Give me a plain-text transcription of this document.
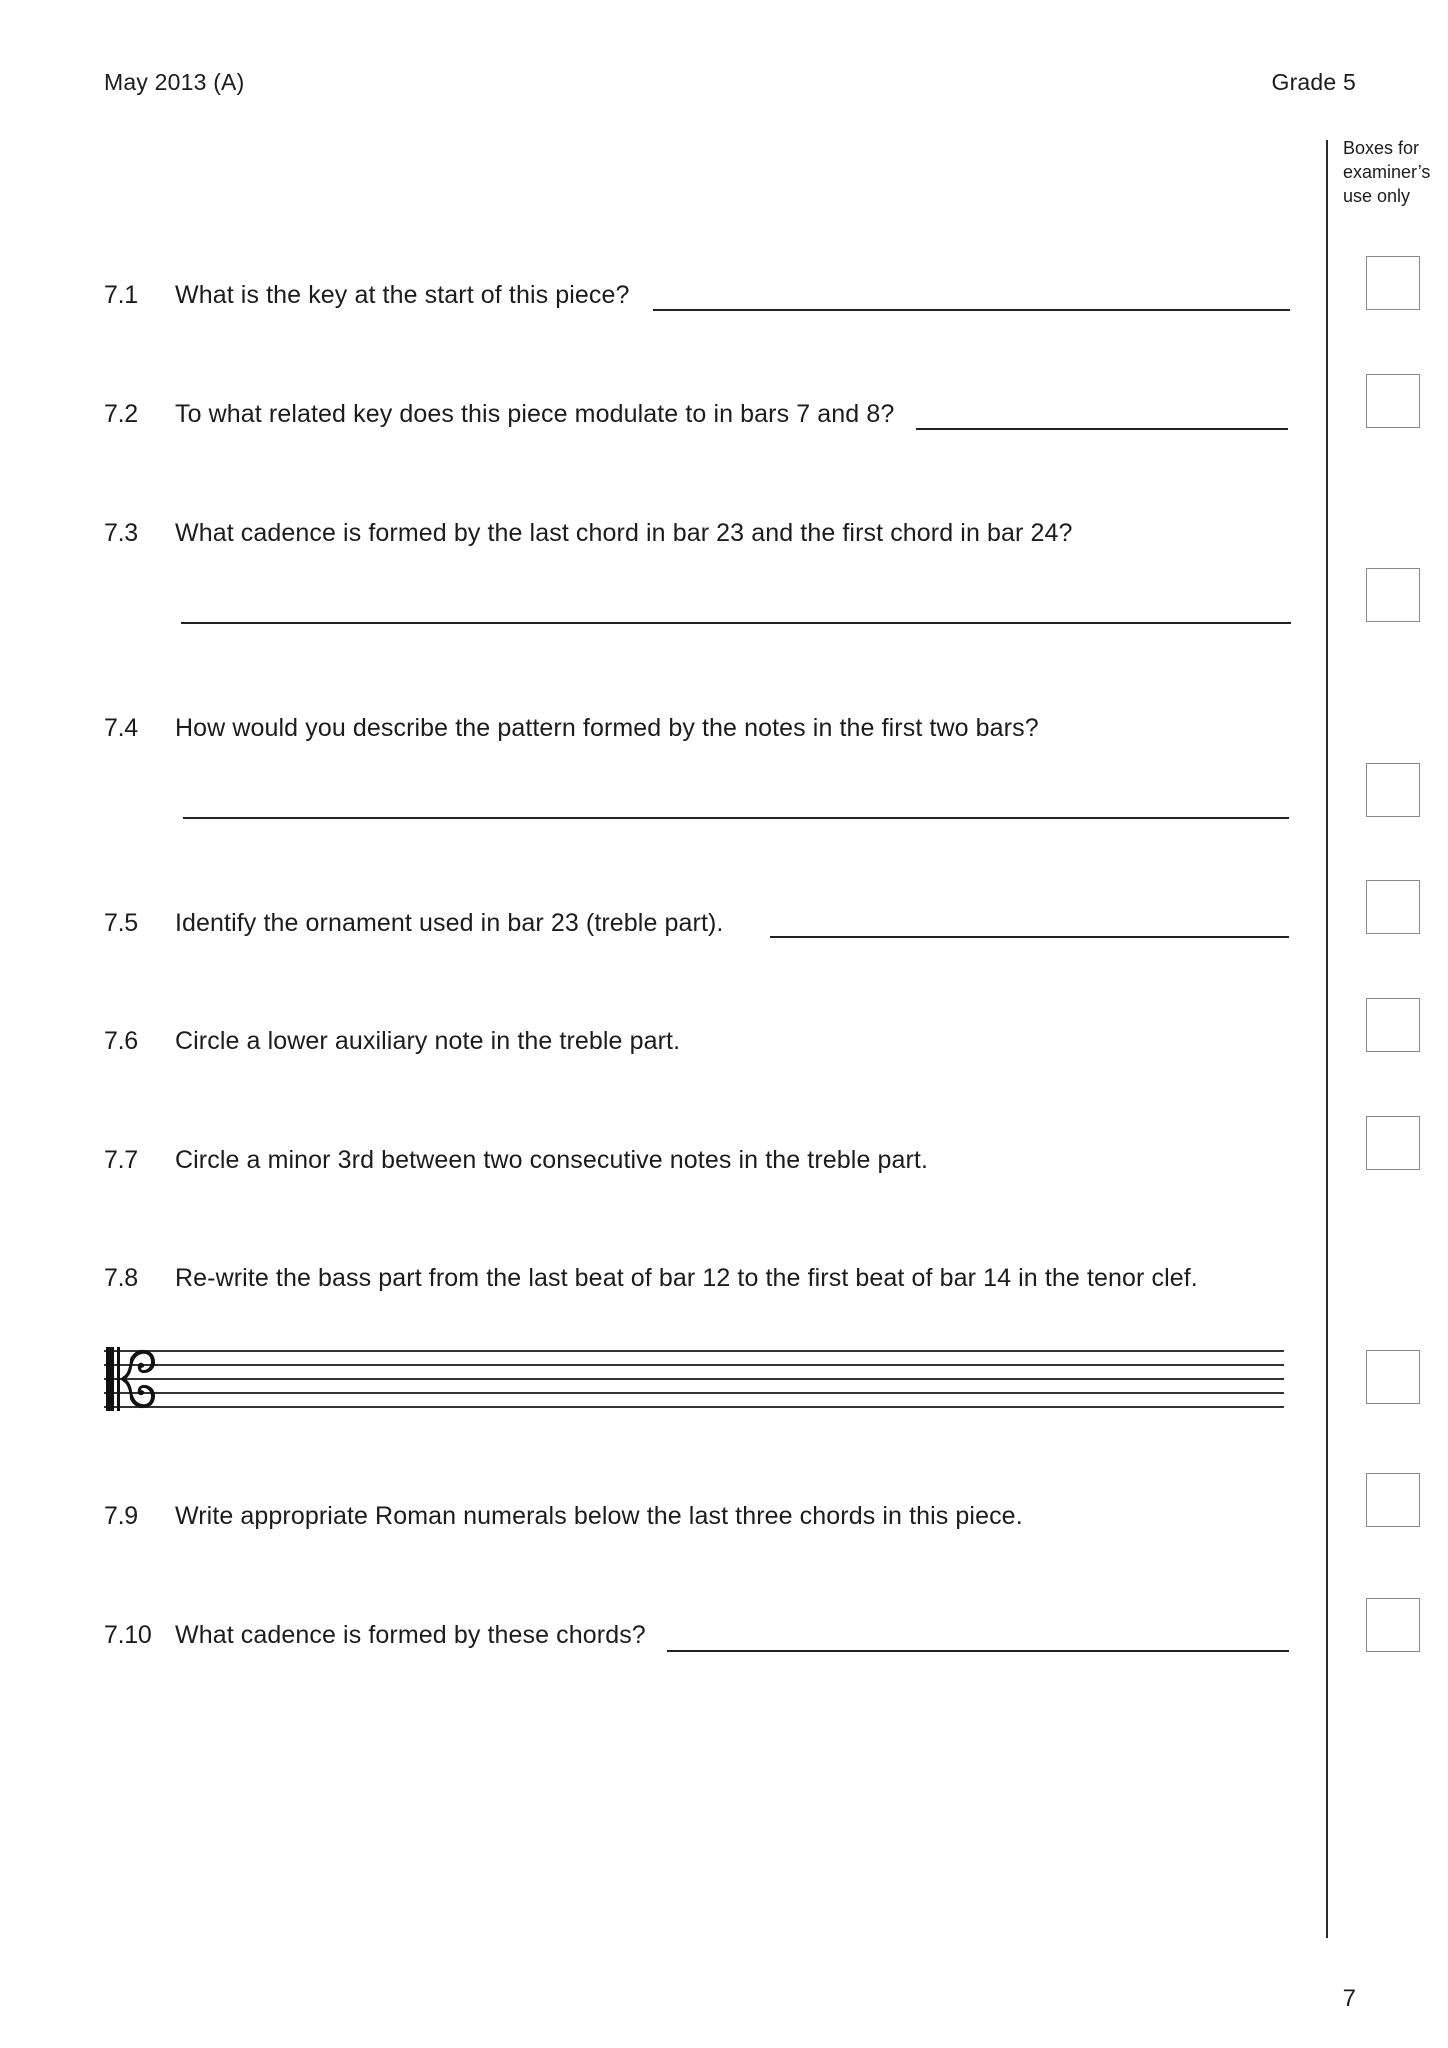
May 2013 (A)	Grade 5
Boxes for
examiner’s
use only
7.1 What is the key at the start of this piece?
7.2 To what related key does this piece modulate to in bars 7 and 8?
7.3 What cadence is formed by the last chord in bar 23 and the first chord in bar 24?
7.4 How would you describe the pattern formed by the notes in the first two bars?
7.5 Identify the ornament used in bar 23 (treble part).
7.6 Circle a lower auxiliary note in the treble part.
7.7 Circle a minor 3rd between two consecutive notes in the treble part.
7.8 Re-write the bass part from the last beat of bar 12 to the first beat of bar 14 in the tenor clef.
7.9 Write appropriate Roman numerals below the last three chords in this piece.
7.10 What cadence is formed by these chords?
7
